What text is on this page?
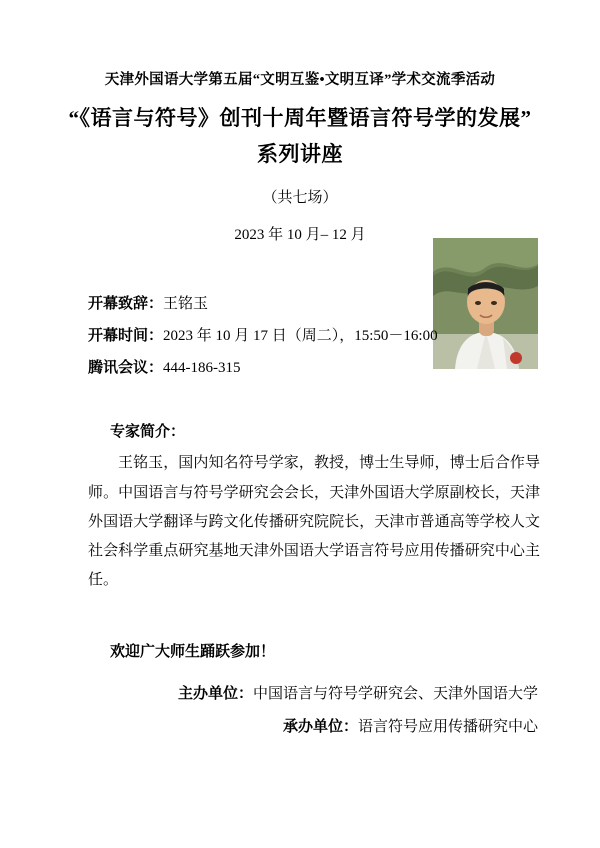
天津外国语大学第五届“文明互鉴•文明互译”学术交流季活动
“《语言与符号》创刊十周年暨语言符号学的发展”
系列讲座
（共七场）
2023 年 10 月– 12 月
开幕致辞：王铭玉
开幕时间：2023 年 10 月 17 日（周二），15:50－16:00
腾讯会议：444-186-315
专家简介：
王铭玉，国内知名符号学家，教授，博士生导师，博士后合作导师。中国语言与符号学研究会会长，天津外国语大学原副校长，天津外国语大学翻译与跨文化传播研究院院长，天津市普通高等学校人文社会科学重点研究基地天津外国语大学语言符号应用传播研究中心主任。
欢迎广大师生踊跃参加！
主办单位：中国语言与符号学研究会、天津外国语大学
承办单位：语言符号应用传播研究中心
